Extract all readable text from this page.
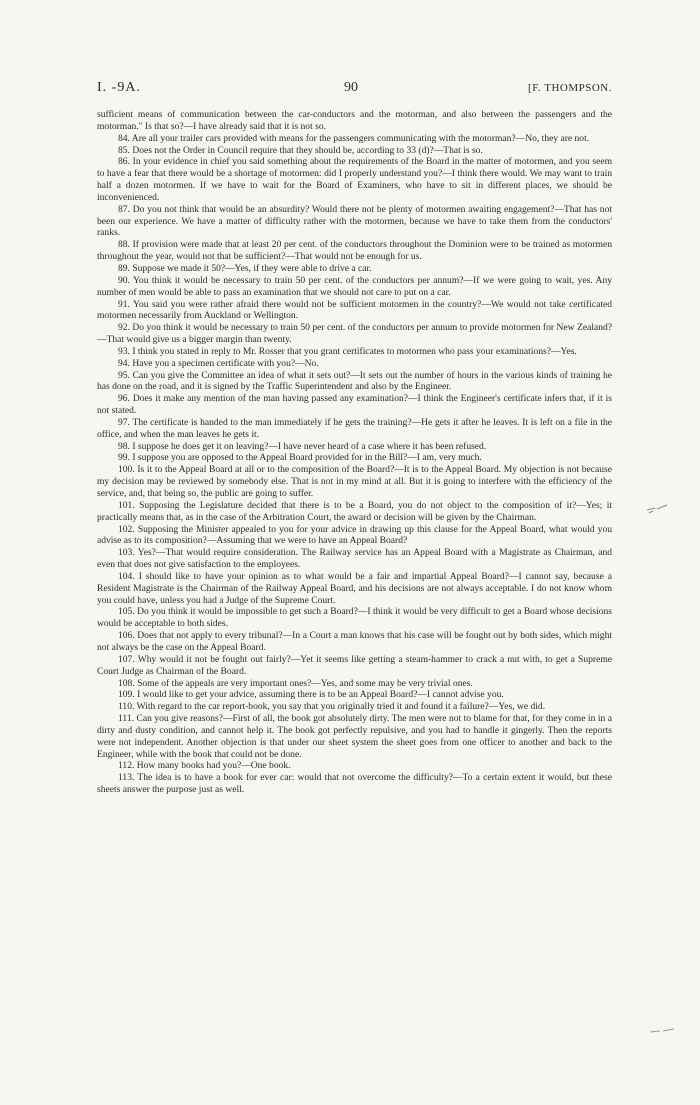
I. -9A.	90	[F. THOMPSON.

sufficient means of communication between the car-conductors and the motorman, and also between the passengers and the motorman." Is that so?—I have already said that it is not so.

84. Are all your trailer cars provided with means for the passengers communicating with the motorman?—No, they are not.

85. Does not the Order in Council require that they should be, according to 33 (d)?—That is so.

86. In your evidence in chief you said something about the requirements of the Board in the matter of motormen, and you seem to have a fear that there would be a shortage of motormen: did I properly understand you?—I think there would. We may want to train half a dozen motormen. If we have to wait for the Board of Examiners, who have to sit in different places, we should be inconvenienced.

87. Do you not think that would be an absurdity? Would there not be plenty of motormen awaiting engagement?—That has not been our experience. We have a matter of difficulty rather with the motormen, because we have to take them from the conductors' ranks.

88. If provision were made that at least 20 per cent. of the conductors throughout the Dominion were to be trained as motormen throughout the year, would not that be sufficient?—That would not be enough for us.

89. Suppose we made it 50?—Yes, if they were able to drive a car.

90. You think it would be necessary to train 50 per cent. of the conductors per annum?—If we were going to wait, yes. Any number of men would be able to pass an examination that we should not care to put on a car.

91. You said you were rather afraid there would not be sufficient motormen in the country?—We would not take certificated motormen necessarily from Auckland or Wellington.

92. Do you think it would be necessary to train 50 per cent. of the conductors per annum to provide motormen for New Zealand?—That would give us a bigger margin than twenty.

93. I think you stated in reply to Mr. Rosser that you grant certificates to motormen who pass your examinations?—Yes.

94. Have you a specimen certificate with you?—No.

95. Can you give the Committee an idea of what it sets out?—It sets out the number of hours in the various kinds of training he has done on the road, and it is signed by the Traffic Superintendent and also by the Engineer.

96. Does it make any mention of the man having passed any examination?—I think the Engineer's certificate infers that, if it is not stated.

97. The certificate is handed to the man immediately if he gets the training?—He gets it after he leaves. It is left on a file in the office, and when the man leaves he gets it.

98. I suppose he does get it on leaving?—I have never heard of a case where it has been refused.

99. I suppose you are opposed to the Appeal Board provided for in the Bill?—I am, very much.

100. Is it to the Appeal Board at all or to the composition of the Board?—It is to the Appeal Board. My objection is not because my decision may be reviewed by somebody else. That is not in my mind at all. But it is going to interfere with the efficiency of the service, and, that being so, the public are going to suffer.

101. Supposing the Legislature decided that there is to be a Board, you do not object to the composition of it?—Yes; it practically means that, as in the case of the Arbitration Court, the award or decision will be given by the Chairman.

102. Supposing the Minister appealed to you for your advice in drawing up this clause for the Appeal Board, what would you advise as to its composition?—Assuming that we were to have an Appeal Board?

103. Yes?—That would require consideration. The Railway service has an Appeal Board with a Magistrate as Chairman, and even that does not give satisfaction to the employees.

104. I should like to have your opinion as to what would be a fair and impartial Appeal Board?—I cannot say, because a Resident Magistrate is the Chairman of the Railway Appeal Board, and his decisions are not always acceptable. I do not know whom you could have, unless you had a Judge of the Supreme Court.

105. Do you think it would be impossible to get such a Board?—I think it would be very difficult to get a Board whose decisions would be acceptable to both sides.

106. Does that not apply to every tribunal?—In a Court a man knows that his case will be fought out by both sides, which might not always be the case on the Appeal Board.

107. Why would it not be fought out fairly?—Yet it seems like getting a steam-hammer to crack a nut with, to get a Supreme Court Judge as Chairman of the Board.

108. Some of the appeals are very important ones?—Yes, and some may be very trivial ones.

109. I would like to get your advice, assuming there is to be an Appeal Board?—I cannot advise you.

110. With regard to the car report-book, you say that you originally tried it and found it a failure?—Yes, we did.

111. Can you give reasons?—First of all, the book got absolutely dirty. The men were not to blame for that, for they come in in a dirty and dusty condition, and cannot help it. The book got perfectly repulsive, and you had to handle it gingerly. Then the reports were not independent. Another objection is that under our sheet system the sheet goes from one officer to another and back to the Engineer, while with the book that could not be done.

112. How many books had you?—One book.

113. The idea is to have a book for ever car: would that not overcome the difficulty?—To a certain extent it would, but these sheets answer the purpose just as well.
